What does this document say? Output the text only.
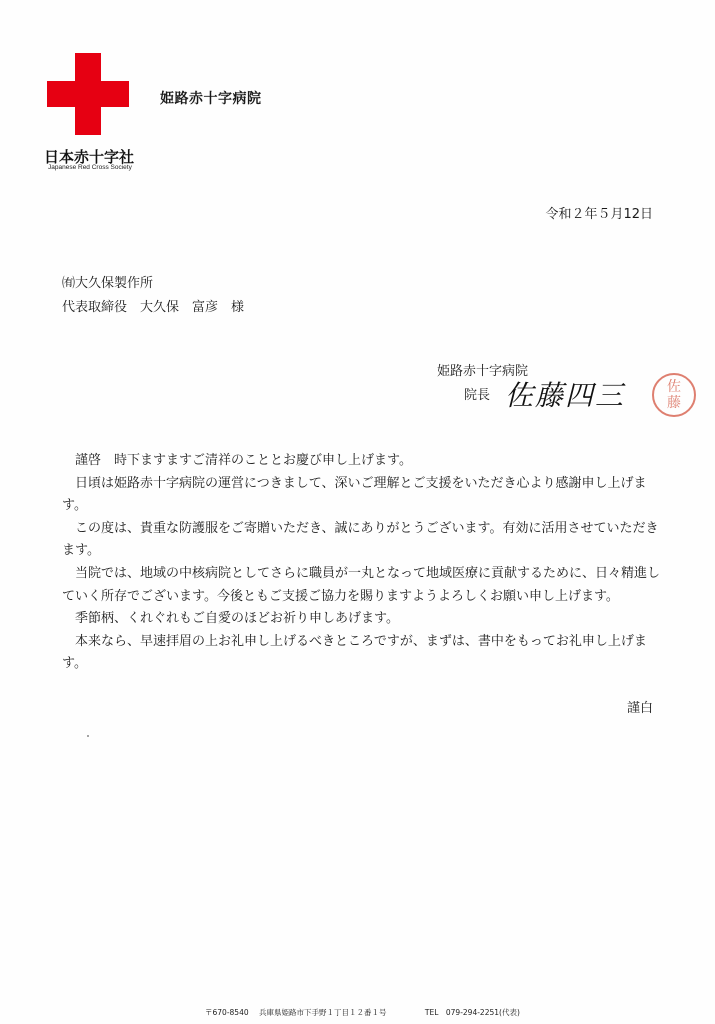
日本赤十字社
Japanese Red Cross Society
姫路赤十字病院
令和２年５月12日
㈲大久保製作所
代表取締役　大久保　富彦　様
姫路赤十字病院
院長 佐藤四三	佐
藤

謹啓　時下ますますご清祥のこととお慶び申し上げます。

日頃は姫路赤十字病院の運営につきまして、深いご理解とご支援をいただき心より感謝申し上げます。

この度は、貴重な防護服をご寄贈いただき、誠にありがとうございます。有効に活用させていただきます。

当院では、地域の中核病院としてさらに職員が一丸となって地域医療に貢献するために、日々精進していく所存でございます。今後ともご支援ご協力を賜りますようよろしくお願い申し上げます。

季節柄、くれぐれもご自愛のほどお祈り申しあげます。

本来なら、早速拝眉の上お礼申し上げるべきところですが、まずは、書中をもってお礼申し上げます。

謹白
〒670-8540 兵庫県姫路市下手野１丁目１２番１号	TEL　079-294-2251(代表)
